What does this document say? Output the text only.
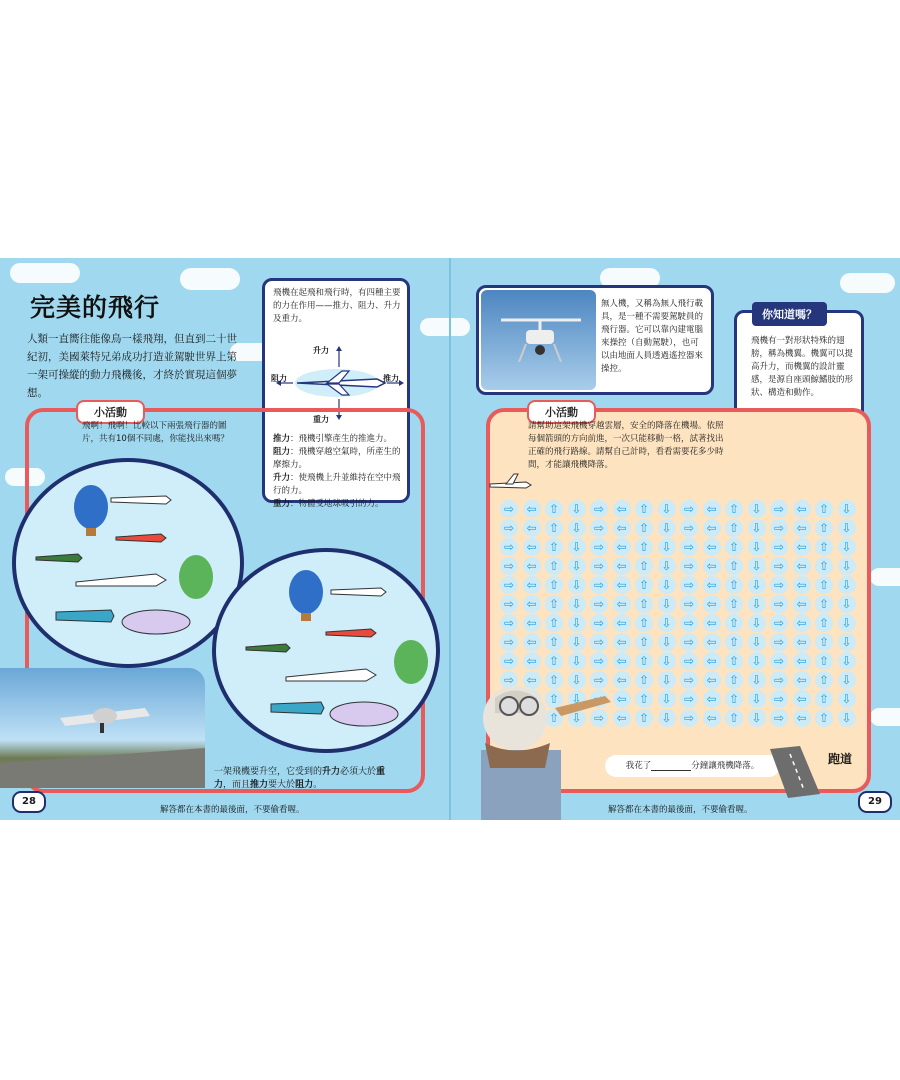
完美的飛行
人類一直嚮往能像鳥一樣飛翔，但直到二十世紀初，美國萊特兄弟成功打造並駕駛世界上第一架可操縱的動力飛機後，才終於實現這個夢想。

飛機在起飛和飛行時，有四種主要的力在作用——推力、阻力、升力及重力。

升力
阻力	推力
重力

推力：飛機引擎產生的推進力。

阻力：飛機穿越空氣時，所產生的摩擦力。

升力：使飛機上升並維持在空中飛行的力。

重力：物體受地球吸引的力。

小活動
飛啊！飛啊！比較以下兩張飛行器的圖片，共有10個不同處，你能找出來嗎？
一架飛機要升空，它受到的升力必須大於重力，而且推力要大於阻力。
28
解答都在本書的最後面，不要偷看喔。

無人機，又稱為無人飛行載具，是一種不需要駕駛員的飛行器。它可以靠內建電腦來操控（自動駕駛），也可以由地面人員透過遙控器來操控。

飛機有一對形狀特殊的翅膀，稱為機翼。機翼可以提高升力，而機翼的設計靈感，是源自座頭鯨鰭肢的形狀、構造和動作。

你知道嗎？
小活動
請幫助這架飛機穿越雲層，安全的降落在機場。依照每個箭頭的方向前進，一次只能移動一格，試著找出正確的飛行路線。請幫自己計時，看看需要花多少時間，才能讓飛機降落。
⇨	⇦	⇧	⇩	⇨	⇦	⇧	⇩	⇨	⇦	⇧	⇩	⇨	⇦	⇧	⇩
⇨	⇦	⇧	⇩	⇨	⇦	⇧	⇩	⇨	⇦	⇧	⇩	⇨	⇦	⇧	⇩
⇨	⇦	⇧	⇩	⇨	⇦	⇧	⇩	⇨	⇦	⇧	⇩	⇨	⇦	⇧	⇩
⇨	⇦	⇧	⇩	⇨	⇦	⇧	⇩	⇨	⇦	⇧	⇩	⇨	⇦	⇧	⇩
⇨	⇦	⇧	⇩	⇨	⇦	⇧	⇩	⇨	⇦	⇧	⇩	⇨	⇦	⇧	⇩
⇨	⇦	⇧	⇩	⇨	⇦	⇧	⇩	⇨	⇦	⇧	⇩	⇨	⇦	⇧	⇩
⇨	⇦	⇧	⇩	⇨	⇦	⇧	⇩	⇨	⇦	⇧	⇩	⇨	⇦	⇧	⇩
⇨	⇦	⇧	⇩	⇨	⇦	⇧	⇩	⇨	⇦	⇧	⇩	⇨	⇦	⇧	⇩
⇨	⇦	⇧	⇩	⇨	⇦	⇧	⇩	⇨	⇦	⇧	⇩	⇨	⇦	⇧	⇩
⇨	⇦	⇧	⇩	⇨	⇦	⇧	⇩	⇨	⇦	⇧	⇩	⇨	⇦	⇧	⇩
⇧	⇩	⇦	⇧	⇩	⇨	⇦	⇧	⇩	⇨	⇦	⇧	⇩
⇧	⇩	⇨	⇦	⇧	⇩	⇨	⇦	⇧	⇩	⇨	⇦	⇧	⇩
我花了	分鐘讓飛機降落。	跑道
29
解答都在本書的最後面，不要偷看喔。
